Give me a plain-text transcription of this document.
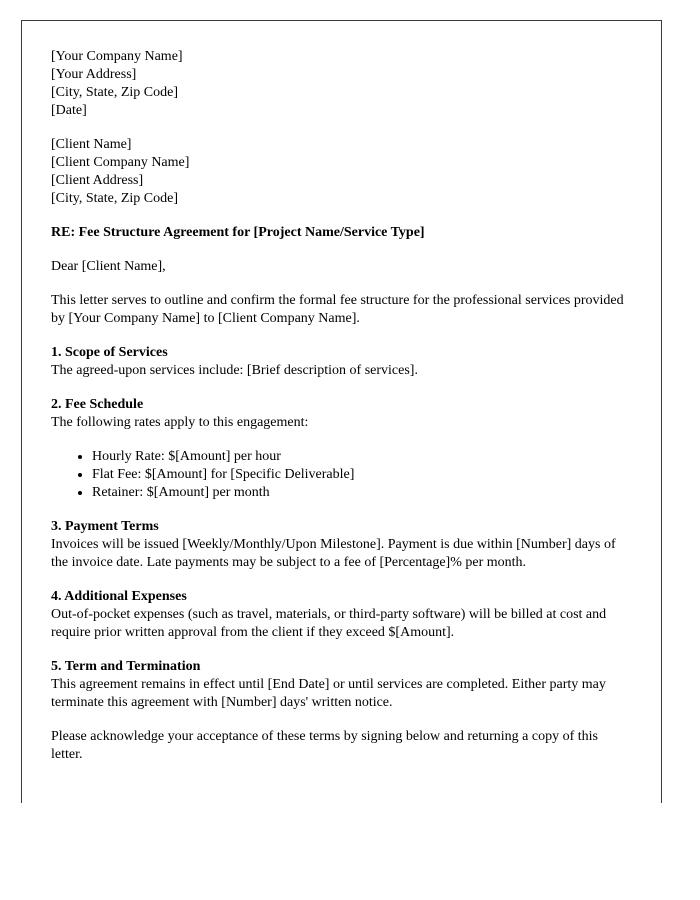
[Your Company Name]

[Your Address]

[City, State, Zip Code]

[Date]

[Client Name]

[Client Company Name]

[Client Address]

[City, State, Zip Code]

RE: Fee Structure Agreement for [Project Name/Service Type]

Dear [Client Name],

This letter serves to outline and confirm the formal fee structure for the professional services provided by [Your Company Name] to [Client Company Name].

1. Scope of Services

The agreed-upon services include: [Brief description of services].

2. Fee Schedule

The following rates apply to this engagement:

• Hourly Rate: $[Amount] per hour
• Flat Fee: $[Amount] for [Specific Deliverable]
• Retainer: $[Amount] per month

3. Payment Terms

Invoices will be issued [Weekly/Monthly/Upon Milestone]. Payment is due within [Number] days of the invoice date. Late payments may be subject to a fee of [Percentage]% per month.

4. Additional Expenses

Out-of-pocket expenses (such as travel, materials, or third-party software) will be billed at cost and require prior written approval from the client if they exceed $[Amount].

5. Term and Termination

This agreement remains in effect until [End Date] or until services are completed. Either party may terminate this agreement with [Number] days' written notice.

Please acknowledge your acceptance of these terms by signing below and returning a copy of this letter.
